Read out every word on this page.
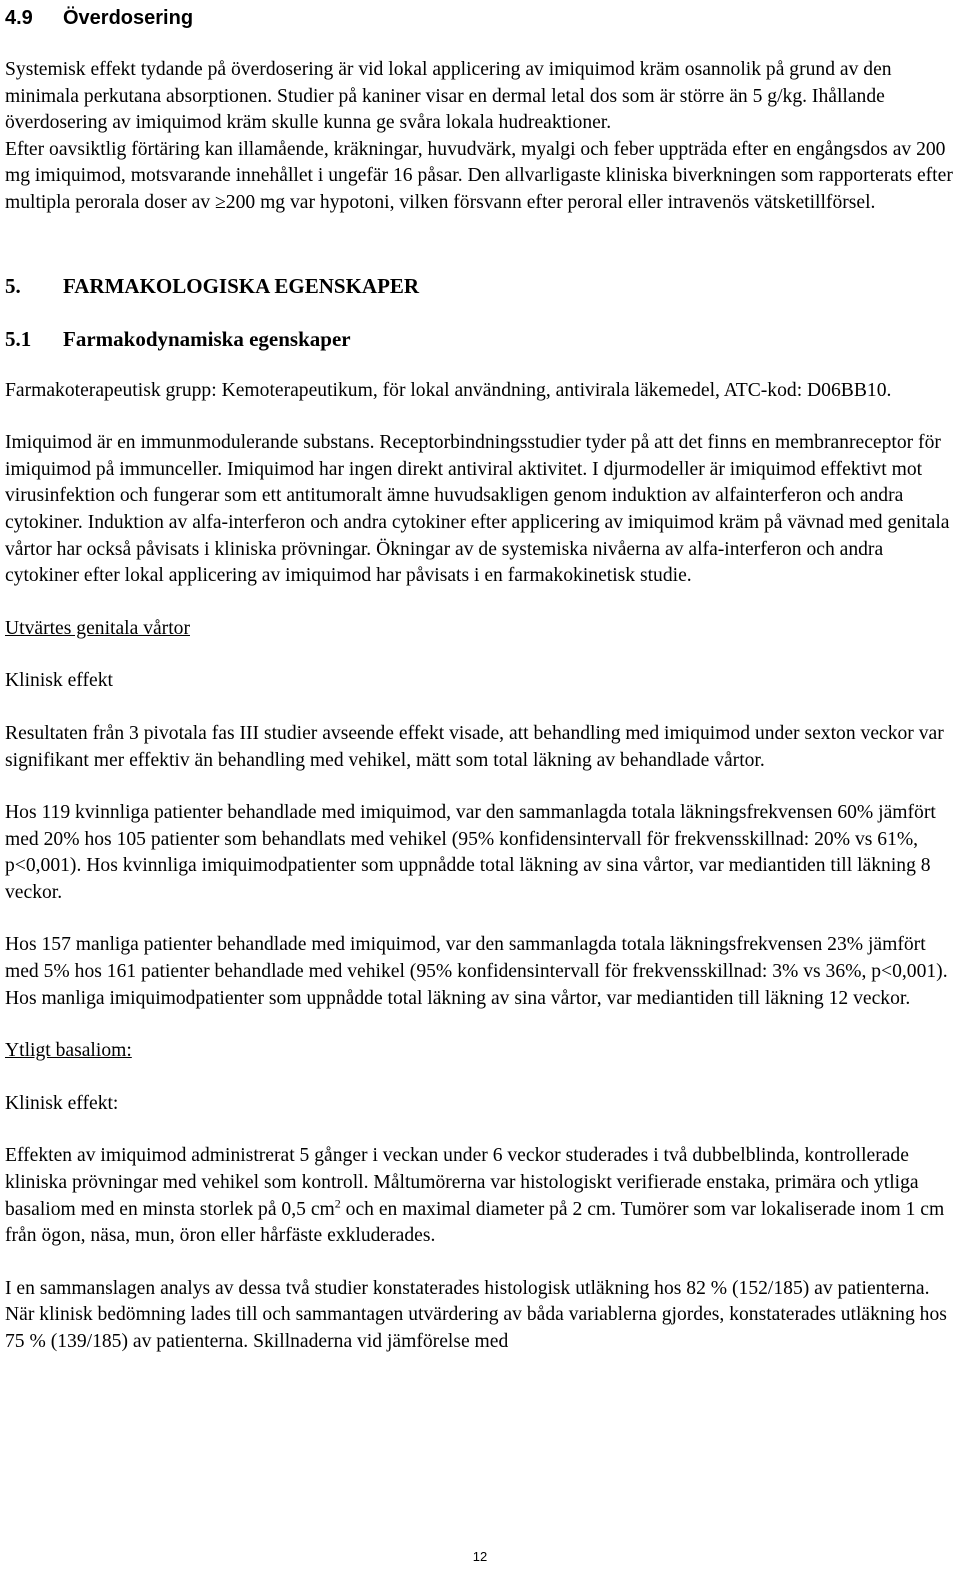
4.9 Överdosering

Systemisk effekt tydande på överdosering är vid lokal applicering av imiquimod kräm osannolik på grund av den minimala perkutana absorptionen. Studier på kaniner visar en dermal letal dos som är större än 5 g/kg. Ihållande överdosering av imiquimod kräm skulle kunna ge svåra lokala hudreaktioner.

Efter oavsiktlig förtäring kan illamående, kräkningar, huvudvärk, myalgi och feber uppträda efter en engångsdos av 200 mg imiquimod, motsvarande innehållet i ungefär 16 påsar. Den allvarligaste kliniska biverkningen som rapporterats efter multipla perorala doser av ≥200 mg var hypotoni, vilken försvann efter peroral eller intravenös vätsketillförsel.

5. FARMAKOLOGISKA EGENSKAPER
5.1 Farmakodynamiska egenskaper

Farmakoterapeutisk grupp: Kemoterapeutikum, för lokal användning, antivirala läkemedel, ATC-kod: D06BB10.

Imiquimod är en immunmodulerande substans. Receptorbindningsstudier tyder på att det finns en membranreceptor för imiquimod på immunceller. Imiquimod har ingen direkt antiviral aktivitet. I djurmodeller är imiquimod effektivt mot virusinfektion och fungerar som ett antitumoralt ämne huvudsakligen genom induktion av alfainterferon och andra cytokiner. Induktion av alfa-interferon och andra cytokiner efter applicering av imiquimod kräm på vävnad med genitala vårtor har också påvisats i kliniska prövningar. Ökningar av de systemiska nivåerna av alfa-interferon och andra cytokiner efter lokal applicering av imiquimod har påvisats i en farmakokinetisk studie.

Utvärtes genitala vårtor

Klinisk effekt

Resultaten från 3 pivotala fas III studier avseende effekt visade, att behandling med imiquimod under sexton veckor var signifikant mer effektiv än behandling med vehikel, mätt som total läkning av behandlade vårtor.

Hos 119 kvinnliga patienter behandlade med imiquimod, var den sammanlagda totala läkningsfrekvensen 60% jämfört med 20% hos 105 patienter som behandlats med vehikel (95% konfidensintervall för frekvensskillnad: 20% vs 61%, p<0,001). Hos kvinnliga imiquimodpatienter som uppnådde total läkning av sina vårtor, var mediantiden till läkning 8 veckor.

Hos 157 manliga patienter behandlade med imiquimod, var den sammanlagda totala läkningsfrekvensen 23% jämfört med 5% hos 161 patienter behandlade med vehikel (95% konfidensintervall för frekvensskillnad: 3% vs 36%, p<0,001). Hos manliga imiquimodpatienter som uppnådde total läkning av sina vårtor, var mediantiden till läkning 12 veckor.

Ytligt basaliom:

Klinisk effekt:

Effekten av imiquimod administrerat 5 gånger i veckan under 6 veckor studerades i två dubbelblinda, kontrollerade kliniska prövningar med vehikel som kontroll. Måltumörerna var histologiskt verifierade enstaka, primära och ytliga basaliom med en minsta storlek på 0,5 $cm^2$ och en maximal diameter på 2 cm. Tumörer som var lokaliserade inom 1 cm från ögon, näsa, mun, öron eller hårfäste exkluderades.

I en sammanslagen analys av dessa två studier konstaterades histologisk utläkning hos 82 % (152/185) av patienterna. När klinisk bedömning lades till och sammantagen utvärdering av båda variablerna gjordes, konstaterades utläkning hos 75 % (139/185) av patienterna. Skillnaderna vid jämförelse med

12
